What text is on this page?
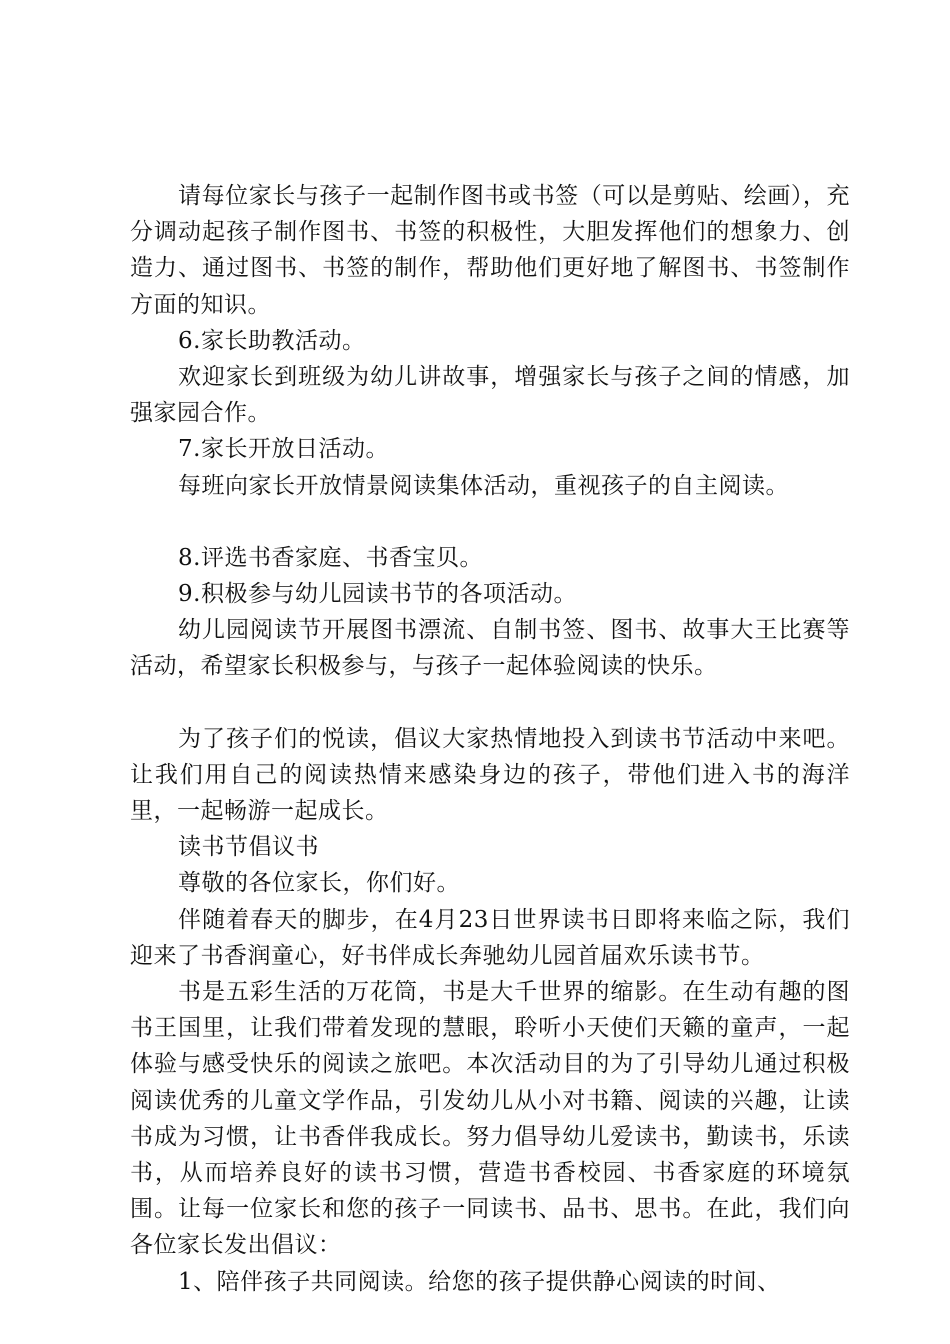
请每位家长与孩子一起制作图书或书签（可以是剪贴、绘画），充分调动起孩子制作图书、书签的积极性，大胆发挥他们的想象力、创造力、通过图书、书签的制作，帮助他们更好地了解图书、书签制作方面的知识。

6.家长助教活动。

欢迎家长到班级为幼儿讲故事，增强家长与孩子之间的情感，加强家园合作。

7.家长开放日活动。

每班向家长开放情景阅读集体活动，重视孩子的自主阅读。

8.评选书香家庭、书香宝贝。

9.积极参与幼儿园读书节的各项活动。

幼儿园阅读节开展图书漂流、自制书签、图书、故事大王比赛等活动，希望家长积极参与，与孩子一起体验阅读的快乐。

为了孩子们的悦读，倡议大家热情地投入到读书节活动中来吧。让我们用自己的阅读热情来感染身边的孩子，带他们进入书的海洋里，一起畅游一起成长。

读书节倡议书

尊敬的各位家长，你们好。

伴随着春天的脚步，在4月23日世界读书日即将来临之际，我们迎来了书香润童心，好书伴成长奔驰幼儿园首届欢乐读书节。

书是五彩生活的万花筒，书是大千世界的缩影。在生动有趣的图书王国里，让我们带着发现的慧眼，聆听小天使们天籁的童声，一起体验与感受快乐的阅读之旅吧。本次活动目的为了引导幼儿通过积极阅读优秀的儿童文学作品，引发幼儿从小对书籍、阅读的兴趣，让读书成为习惯，让书香伴我成长。努力倡导幼儿爱读书，勤读书，乐读书，从而培养良好的读书习惯，营造书香校园、书香家庭的环境氛围。让每一位家长和您的孩子一同读书、品书、思书。在此，我们向各位家长发出倡议：

1、陪伴孩子共同阅读。给您的孩子提供静心阅读的时间、
